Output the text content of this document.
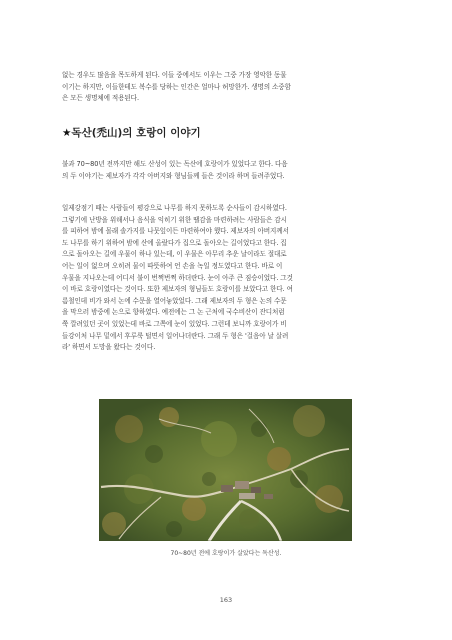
없는 경우도 많음을 목도하게 된다. 이들 중에서도 이우는 그중 가장 영악한 동물
이기는 하지만, 이들한테도 복수를 당하는 인간은 얼마나 허망한가. 생명의 소중함
은 모든 생명체에 적용된다.
★독산(禿山)의 호랑이 이야기
불과 70~80년 전까지만 해도 산성이 있는 독산에 호랑이가 있었다고 한다. 다음
의 두 이야기는 제보자가 각각 아버지와 형님들께 들은 것이라 하며 들려주었다.
일제강점기 때는 사람들이 평강으로 나무를 하지 못하도록 순사들이 감시하였다.
그렇기에 난방을 위해서나 음식을 익히기 위한 땔감을 마련하려는 사람들은 감시
를 피하여 밤에 몰래 솔가지를 나뭇잎이든 마련하여야 했다. 제보자의 아버지께서
도 나무를 하기 위하여 밤에 산에 올랐다가 집으로 돌아오는 길이었다고 한다. 집
으로 돌아오는 길에 우물이 하나 있는데, 이 우물은 아무리 추운 날이라도 절대로
어는 일이 없으며 오히려 물이 따뜻하여 언 손을 녹일 정도였다고 한다. 바로 이
우물을 지나오는데 어디서 불이 번쩍번쩍 하더란다. 눈이 아주 큰 짐승이었다. 그것
이 바로 호랑이였다는 것이다. 또한 제보자의 형님들도 호랑이를 보았다고 한다. 여
름철인데 비가 와서 논에 수문을 열어놓았었다. 그래 제보자의 두 형은 논의 수문
을 막으러 밤중에 논으로 향하였다. 예전에는 그 논 근처에 국수비산이 잔디처럼
쭉 깔려있던 곳이 있었는데 바로 그쪽에 눈이 있었다. 그런데 보니까 호랑이가 비
들강이처 나무 밑에서 후루룩 털면서 일어나더란다. 그래 두 형은 '걸음아 날 살려
라' 하면서 도망을 왔다는 것이다.

70~80년 전에 호랑이가 살았다는 독산성.

163
